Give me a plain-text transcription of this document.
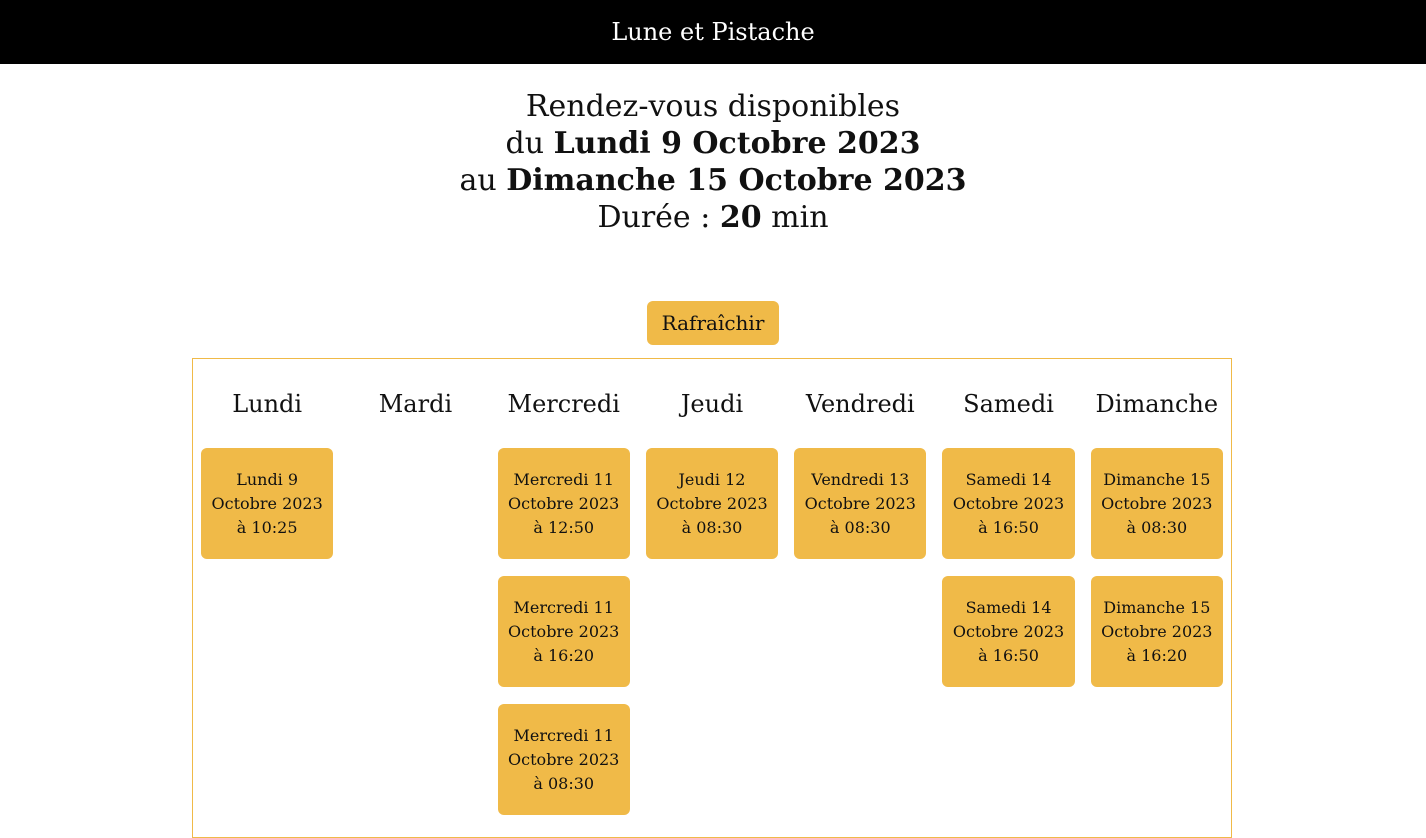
Lune et Pistache
Rendez-vous disponibles
du Lundi 9 Octobre 2023
au Dimanche 15 Octobre 2023
Durée : 20 min
Rafraîchir
Lundi
Lundi 9 Octobre 2023 à 10:25
Mardi	Mercredi
Mercredi 11 Octobre 2023 à 12:50
Mercredi 11 Octobre 2023 à 16:20
Mercredi 11 Octobre 2023 à 08:30
Jeudi
Jeudi 12 Octobre 2023 à 08:30
Vendredi
Vendredi 13 Octobre 2023 à 08:30
Samedi
Samedi 14 Octobre 2023 à 16:50
Samedi 14 Octobre 2023 à 16:50
Dimanche
Dimanche 15 Octobre 2023 à 08:30
Dimanche 15 Octobre 2023 à 16:20
